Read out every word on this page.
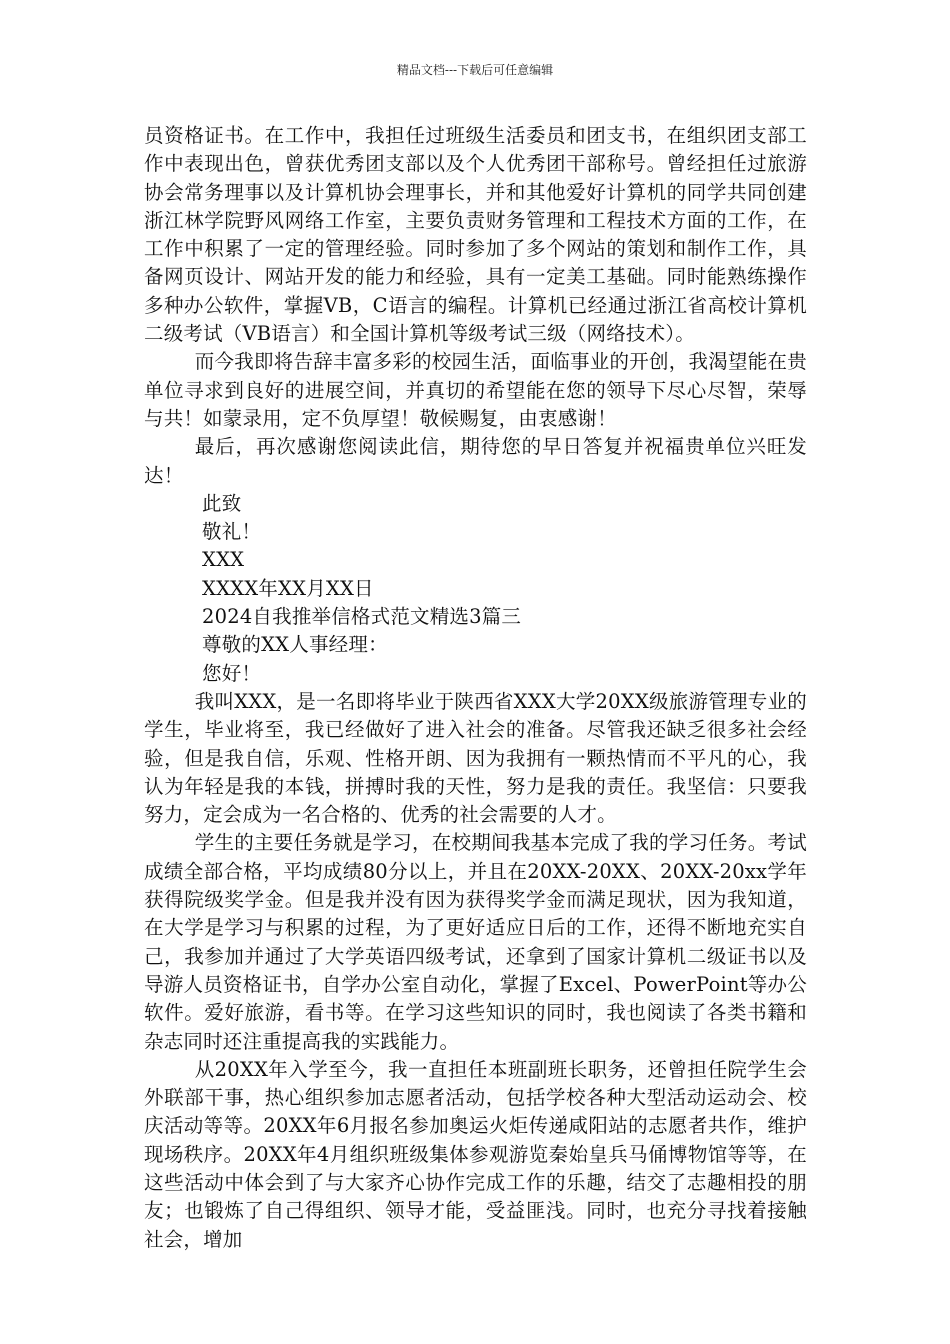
精品文档---下载后可任意编辑

员资格证书。在工作中，我担任过班级生活委员和团支书，在组织团支部工作中表现出色，曾获优秀团支部以及个人优秀团干部称号。曾经担任过旅游协会常务理事以及计算机协会理事长，并和其他爱好计算机的同学共同创建浙江林学院野风网络工作室，主要负责财务管理和工程技术方面的工作，在工作中积累了一定的管理经验。同时参加了多个网站的策划和制作工作，具备网页设计、网站开发的能力和经验，具有一定美工基础。同时能熟练操作多种办公软件，掌握VB，C语言的编程。计算机已经通过浙江省高校计算机二级考试（VB语言）和全国计算机等级考试三级（网络技术）。

而今我即将告辞丰富多彩的校园生活，面临事业的开创，我渴望能在贵单位寻求到良好的进展空间，并真切的希望能在您的领导下尽心尽智，荣辱与共！如蒙录用，定不负厚望！敬候赐复，由衷感谢！

最后，再次感谢您阅读此信，期待您的早日答复并祝福贵单位兴旺发达！

此致

敬礼！

XXX

XXXX年XX月XX日

2024自我推举信格式范文精选3篇三

尊敬的XX人事经理：

您好！

我叫XXX，是一名即将毕业于陕西省XXX大学20XX级旅游管理专业的学生，毕业将至，我已经做好了进入社会的准备。尽管我还缺乏很多社会经验，但是我自信，乐观、性格开朗、因为我拥有一颗热情而不平凡的心，我认为年轻是我的本钱，拼搏时我的天性，努力是我的责任。我坚信：只要我努力，定会成为一名合格的、优秀的社会需要的人才。

学生的主要任务就是学习，在校期间我基本完成了我的学习任务。考试成绩全部合格，平均成绩80分以上，并且在20XX-20XX、20XX-20xx学年获得院级奖学金。但是我并没有因为获得奖学金而满足现状，因为我知道，在大学是学习与积累的过程，为了更好适应日后的工作，还得不断地充实自己，我参加并通过了大学英语四级考试，还拿到了国家计算机二级证书以及导游人员资格证书，自学办公室自动化，掌握了Excel、PowerPoint等办公软件。爱好旅游，看书等。在学习这些知识的同时，我也阅读了各类书籍和杂志同时还注重提高我的实践能力。

从20XX年入学至今，我一直担任本班副班长职务，还曾担任院学生会外联部干事，热心组织参加志愿者活动，包括学校各种大型活动运动会、校庆活动等等。20XX年6月报名参加奥运火炬传递咸阳站的志愿者共作，维护现场秩序。20XX年4月组织班级集体参观游览秦始皇兵马俑博物馆等等，在这些活动中体会到了与大家齐心协作完成工作的乐趣，结交了志趣相投的朋友；也锻炼了自己得组织、领导才能，受益匪浅。同时，也充分寻找着接触社会，增加
